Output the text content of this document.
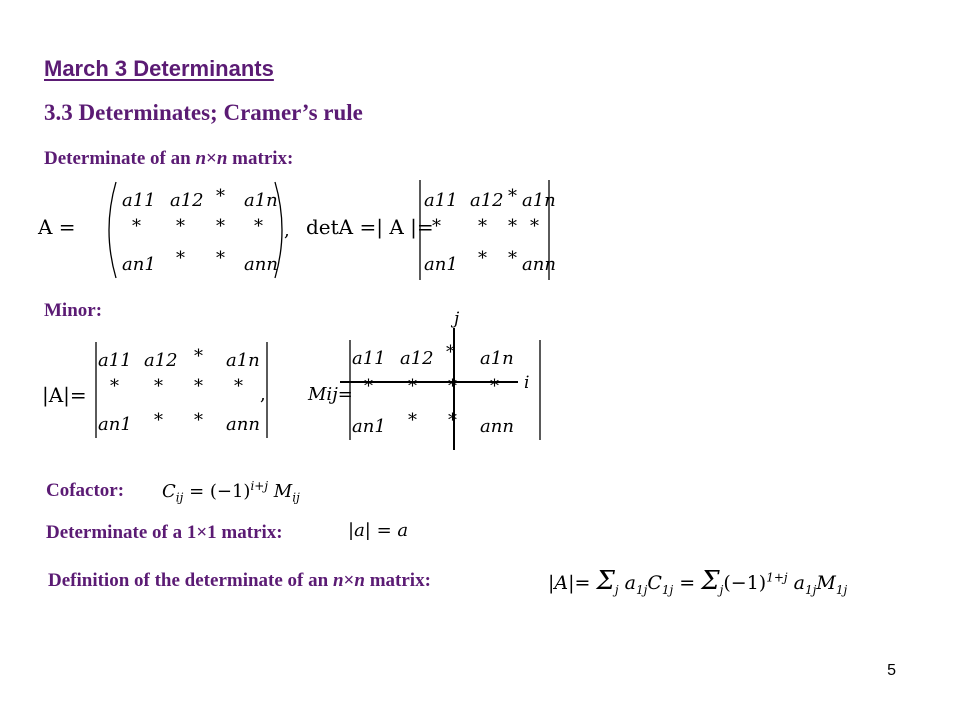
March 3 Determinants
3.3 Determinates; Cramer’s rule
Determinate of an n×n matrix:
A =
a11 a12 * a1n
* * * *
an1 * * ann
, detA =| A |=
a11 a12 * a1n
* * * *
an1 * * ann
Minor:
|A|=
a11 a12 * a1n
* * * *
an1 * * ann
, Mij=
a11 a12 * a1n
* * * *
an1 * * ann
j
i
Cofactor: $C_{ij} = (-1)^{i+j}$ $M_{ij}$
Determinate of a 1×1 matrix:	|a| = a
Definition of the determinate of an n×n matrix:	$|A|= \Sigma_j$ $a_{1j}C_{1j} = \Sigma_j(-1)^{1+j}$ $a_{1j}M_{1j}$
5
